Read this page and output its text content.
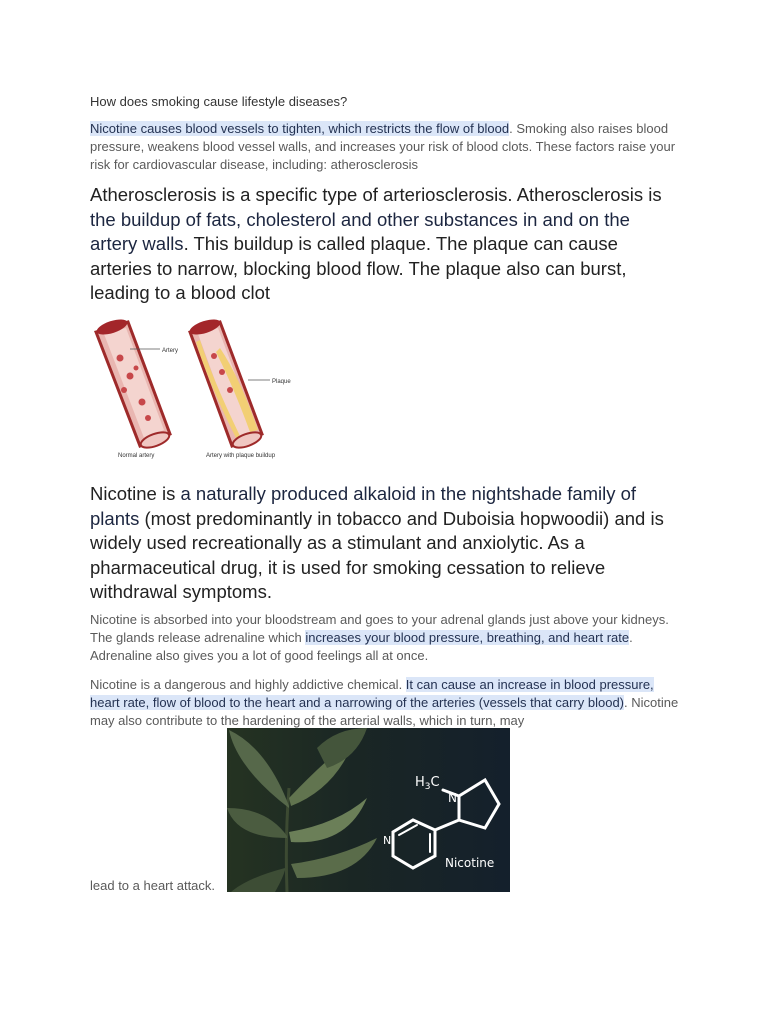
How does smoking cause lifestyle diseases?

Nicotine causes blood vessels to tighten, which restricts the flow of blood. Smoking also raises blood pressure, weakens blood vessel walls, and increases your risk of blood clots. These factors raise your risk for cardiovascular disease, including: atherosclerosis

Atherosclerosis is a specific type of arteriosclerosis. Atherosclerosis is the buildup of fats, cholesterol and other substances in and on the artery walls. This buildup is called plaque. The plaque can cause arteries to narrow, blocking blood flow. The plaque also can burst, leading to a blood clot

Artery
Plaque
Normal artery	Artery with plaque buildup

Nicotine is a naturally produced alkaloid in the nightshade family of plants (most predominantly in tobacco and Duboisia hopwoodii) and is widely used recreationally as a stimulant and anxiolytic. As a pharmaceutical drug, it is used for smoking cessation to relieve withdrawal symptoms.

Nicotine is absorbed into your bloodstream and goes to your adrenal glands just above your kidneys. The glands release adrenaline which increases your blood pressure, breathing, and heart rate. Adrenaline also gives you a lot of good feelings all at once.

Nicotine is a dangerous and highly addictive chemical. It can cause an increase in blood pressure, heart rate, flow of blood to the heart and a narrowing of the arteries (vessels that carry blood). Nicotine may also contribute to the hardening of the arterial walls, which in turn, may

$H_3C$
N
N
Nicotine

lead to a heart attack.
